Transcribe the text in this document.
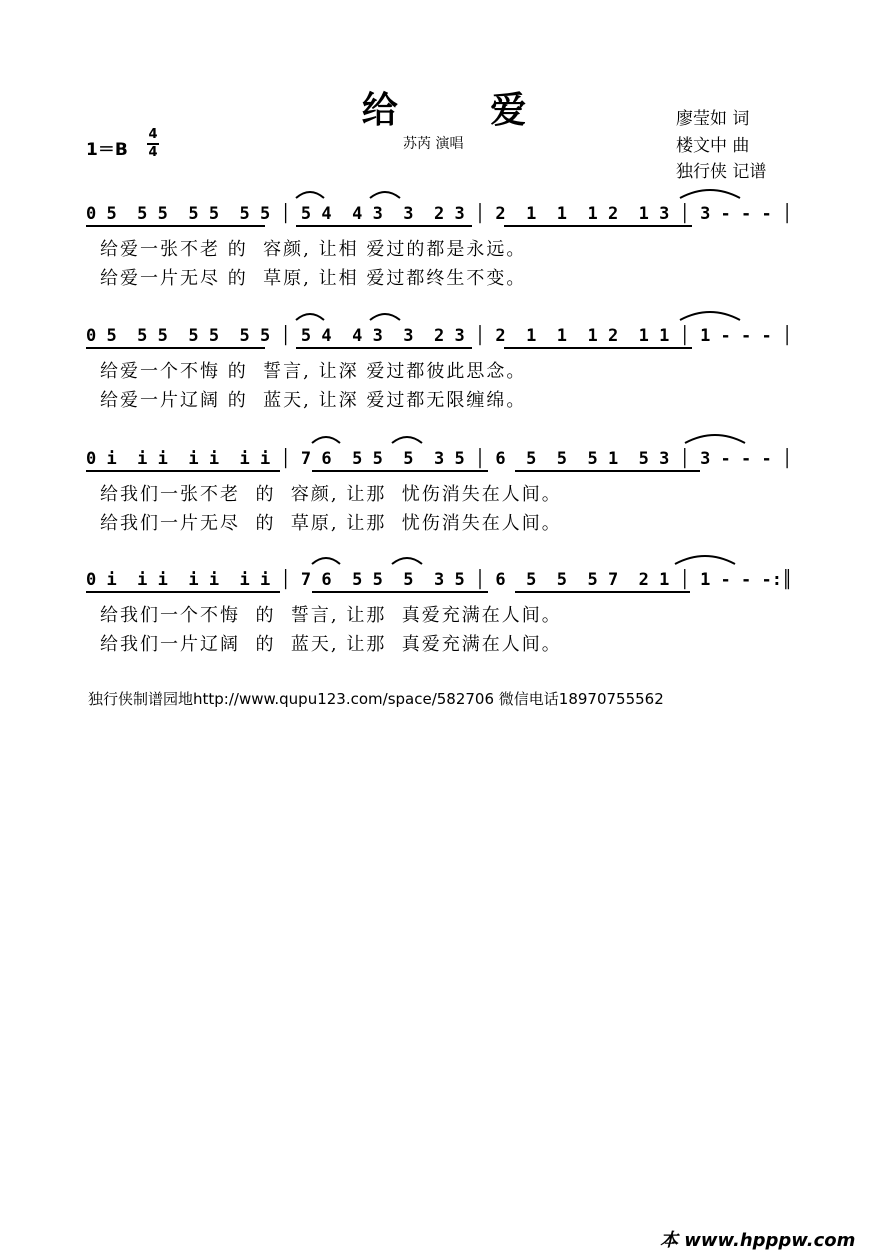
给 爱
苏芮 演唱
1＝B
4
4
廖莹如 词
楼文中 曲
独行侠 记谱
0 5  5 5  5 5  5 5 │ 5 4  4 3  3  2 3 │ 2  1  1  1 2  1 3 │ 3 - - - │
给爱一张不老 的  容颜, 让相 爱过的都是永远。
给爱一片无尽 的  草原, 让相 爱过都终生不变。
0 5  5 5  5 5  5 5 │ 5 4  4 3  3  2 3 │ 2  1  1  1 2  1 1 │ 1 - - - │
给爱一个不悔 的  誓言, 让深 爱过都彼此思念。
给爱一片辽阔 的  蓝天, 让深 爱过都无限缠绵。
0 i  i i  i i  i i │ 7 6  5 5  5  3 5 │ 6  5  5  5 1  5 3 │ 3 - - - │
给我们一张不老  的  容颜, 让那  忧伤消失在人间。
给我们一片无尽  的  草原, 让那  忧伤消失在人间。
0 i  i i  i i  i i │ 7 6  5 5  5  3 5 │ 6  5  5  5 7  2 1 │ 1 - - -:║
给我们一个不悔  的  誓言, 让那  真爱充满在人间。
给我们一片辽阔  的  蓝天, 让那  真爱充满在人间。
独行侠制谱园地http://www.qupu123.com/space/582706 微信电话18970755562
本 www.hpppw.com
